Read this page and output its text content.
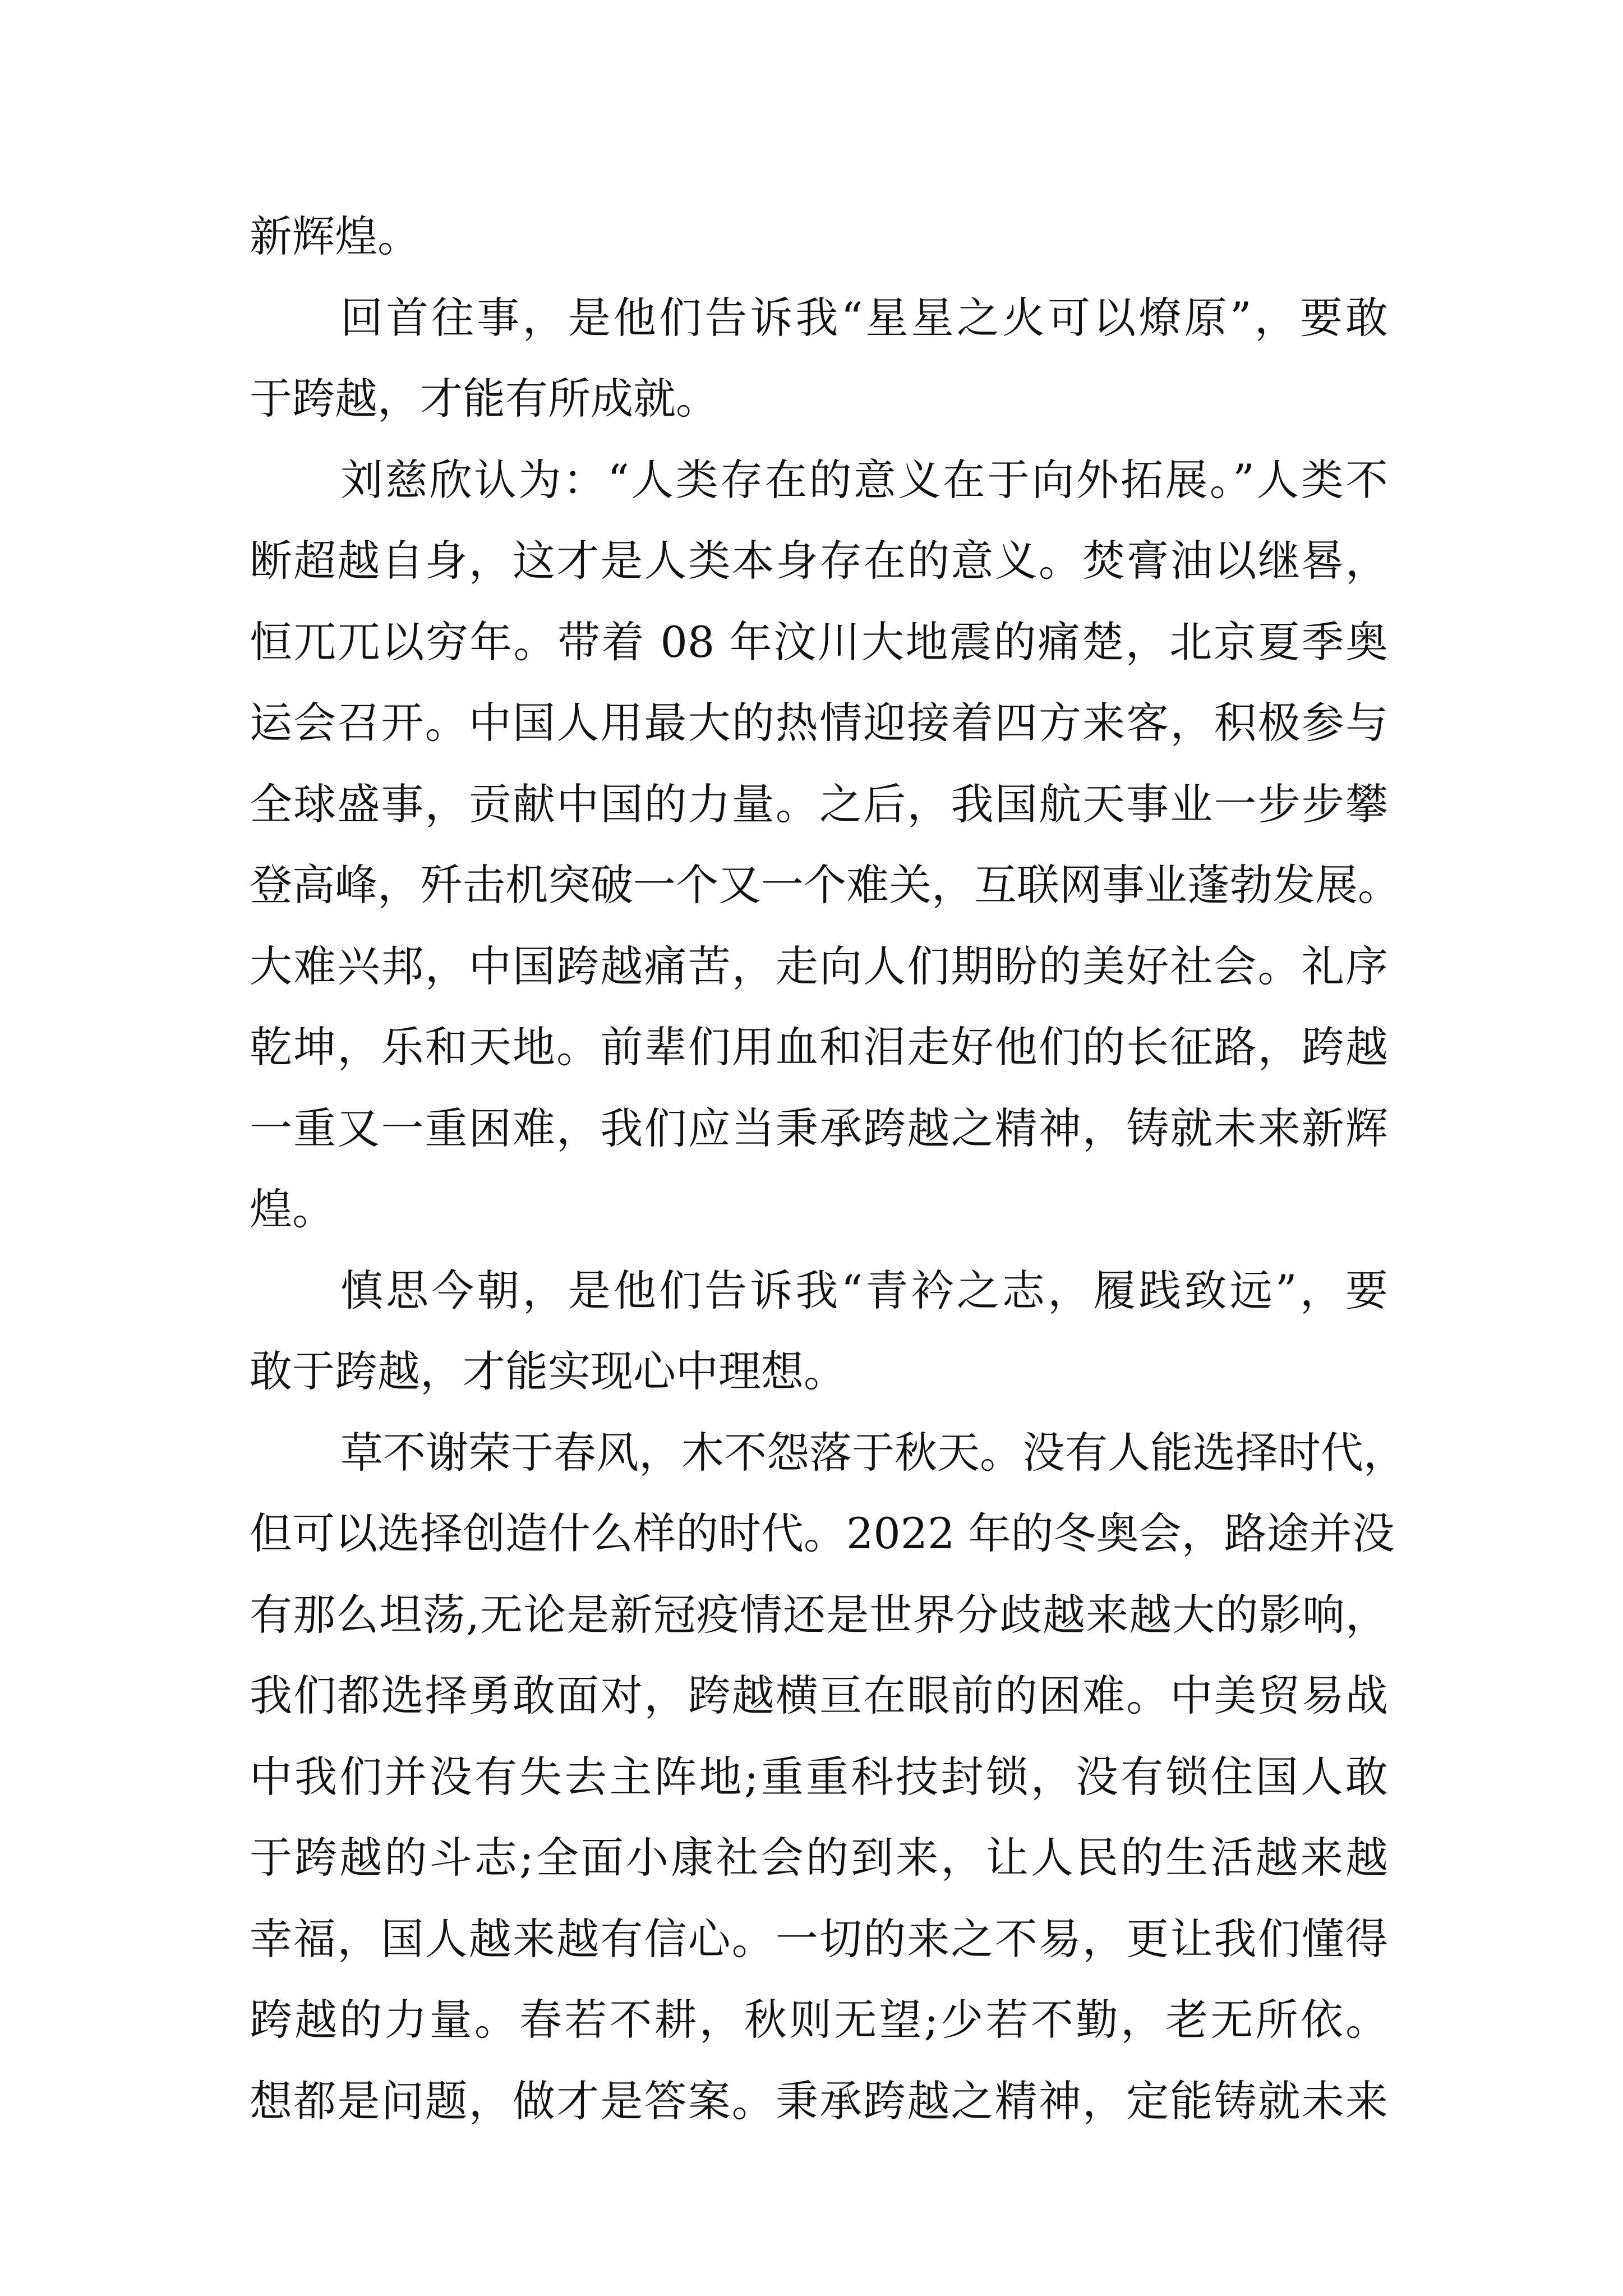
新辉煌。
回首往事，是他们告诉我“星星之火可以燎原”，要敢
于跨越，才能有所成就。
刘慈欣认为：“人类存在的意义在于向外拓展。”人类不
断超越自身，这才是人类本身存在的意义。焚膏油以继晷，
恒兀兀以穷年。带着 08 年汶川大地震的痛楚，北京夏季奥
运会召开。中国人用最大的热情迎接着四方来客，积极参与
全球盛事，贡献中国的力量。之后，我国航天事业一步步攀
登高峰，歼击机突破一个又一个难关，互联网事业蓬勃发展。
大难兴邦，中国跨越痛苦，走向人们期盼的美好社会。礼序
乾坤，乐和天地。前辈们用血和泪走好他们的长征路，跨越
一重又一重困难，我们应当秉承跨越之精神，铸就未来新辉
煌。
慎思今朝，是他们告诉我“青衿之志，履践致远”，要
敢于跨越，才能实现心中理想。
草不谢荣于春风，木不怨落于秋天。没有人能选择时代，
但可以选择创造什么样的时代。2022 年的冬奥会，路途并没
有那么坦荡,无论是新冠疫情还是世界分歧越来越大的影响，
我们都选择勇敢面对，跨越横亘在眼前的困难。中美贸易战
中我们并没有失去主阵地;重重科技封锁，没有锁住国人敢
于跨越的斗志;全面小康社会的到来，让人民的生活越来越
幸福，国人越来越有信心。一切的来之不易，更让我们懂得
跨越的力量。春若不耕，秋则无望;少若不勤，老无所依。
想都是问题，做才是答案。秉承跨越之精神，定能铸就未来
